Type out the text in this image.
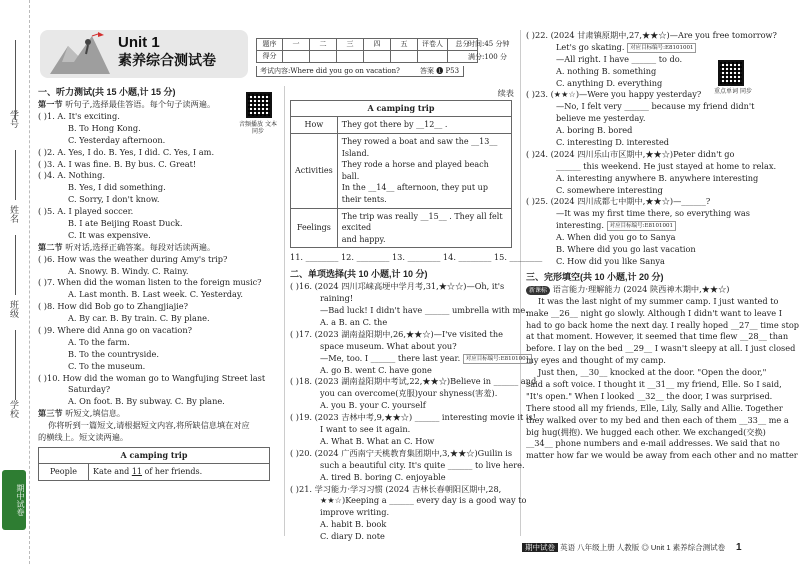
学号
姓名
班级
学校
期中试卷
Unit 1
素养综合测试卷
题序	一	二	三	四	五	评卷人	总分
得分							
时间:45 分钟
满分:100 分
考试内容:Where did you go on vacation?	答案 ➊ P53
一、听力测试(共 15 小题,计 15 分)
第一节 听句子,选择最佳答语。每个句子读两遍。
音频播放 文本同步
( )1. A. It's exciting.
B. To Hong Kong.
C. Yesterday afternoon.
( )2. A. Yes, I do. B. Yes, I did. C. Yes, I am.
( )3. A. I was fine. B. By bus. C. Great!
( )4. A. Nothing.
B. Yes, I did something.
C. Sorry, I don't know.
( )5. A. I played soccer.
B. I ate Beijing Roast Duck.
C. It was expensive.
第二节 听对话,选择正确答案。每段对话读两遍。
( )6. How was the weather during Amy's trip?
A. Snowy. B. Windy. C. Rainy.
( )7. When did the woman listen to the foreign music?
A. Last month. B. Last week. C. Yesterday.
( )8. How did Bob go to Zhangjiajie?
A. By car. B. By train. C. By plane.
( )9. Where did Anna go on vacation?
A. To the farm.
B. To the countryside.
C. To the museum.
( )10. How did the woman go to Wangfujing Street last
Saturday?
A. On foot. B. By subway. C. By plane.
第三节 听短文,填信息。
你将听到一篇短文,请根据短文内容,将所缺信息填在对应
的横线上。短文读两遍。
A camping trip
People	Kate and 11 of her friends.
续表
A camping trip	
How	They got there by __12__ .
Activities	They rowed a boat and saw the __13__ Island.
They rode a horse and played beach ball.
In the __14__ afternoon, they put up their tents.

Feelings	The trip was really __15__ . They all felt excited
and happy.
11. ________ 12. ________ 13. ________ 14. ________ 15. ________
二、单项选择(共 10 小题,计 10 分)
( )16. (2024 四川邛崃高埂中学月考,31,★☆☆)—Oh, it's
raining!
—Bad luck! I didn't have ______ umbrella with me.
A. a B. an C. the
( )17. (2023 湖南益阳期中,26,★★☆)—I've visited the
space museum. What about you?
—Me, too. I ______ there last year. 对应目标编号:E8101001
A. go B. went C. have gone
( )18. (2023 湖南益阳期中考试,22,★★☆)Believe in ______ and
you can overcome(克服)your shyness(害羞).
A. you B. your C. yourself
( )19. (2023 吉林中考,9,★★☆) ______ interesting movie it is!
I want to see it again.
A. What B. What an C. How
( )20. (2024 广西南宁天桃教育集团期中,3,★★☆)Guilin is
such a beautiful city. It's quite ______ to live here.
A. tired B. boring C. enjoyable
( )21. 学习能力·学习习惯 (2024 吉林长春朝阳区期中,28,
★★☆)Keeping a ______ every day is a good way to
improve writing.
A. habit B. book
C. diary D. note
( )22. (2024 甘肃镇原期中,27,★★☆)—Are you free tomorrow?
Let's go skating. 对应目标编号:E8101001
—All right. I have ______ to do.
A. nothing B. something
C. anything D. everything
重点单词 同步
( )23. (★★☆)—Were you happy yesterday?
—No, I felt very ______ because my friend didn't
believe me yesterday.
A. boring B. bored
C. interesting D. interested
( )24. (2024 四川乐山市区期中,★★☆)Peter didn't go
______ this weekend. He just stayed at home to relax.
A. interesting anywhere B. anywhere interesting
C. somewhere interesting
( )25. (2024 四川成都七中期中,★★☆)—______?
—It was my first time there, so everything was
interesting. 对应目标编号:E8101001
A. When did you go to Sanya
B. Where did you go last vacation
C. How did you like Sanya
三、完形填空(共 10 小题,计 20 分)
新课标 语言能力·理解能力 (2024 陕西神木期中,★★☆)
It was the last night of my summer camp. I just wanted to
make __26__ night go slowly. Although I didn't want to leave I
had to go back home the next day. I really hoped __27__ time stop
at that moment. However, it seemed that time flew __28__ than
before. I lay on the bed __29__ I wasn't sleepy at all. I just closed
my eyes and thought of my camp.
Just then, __30__ knocked at the door. "Open the door,"
said a soft voice. I thought it __31__ my friend, Elle. So I said,
"It's open." When I looked __32__ the door, I was surprised.
There stood all my friends, Elle, Lily, Sally and Allie. Together
they walked over to my bed and then each of them __33__ me a
big hug(拥抱). We hugged each other. We exchanged(交换)
__34__ phone numbers and e-mail addresses. We said that no
matter how far we would be away from each other and no matter
期中试卷 英语 八年级上册 人教版 ◎ Unit 1 素养综合测试卷 1
